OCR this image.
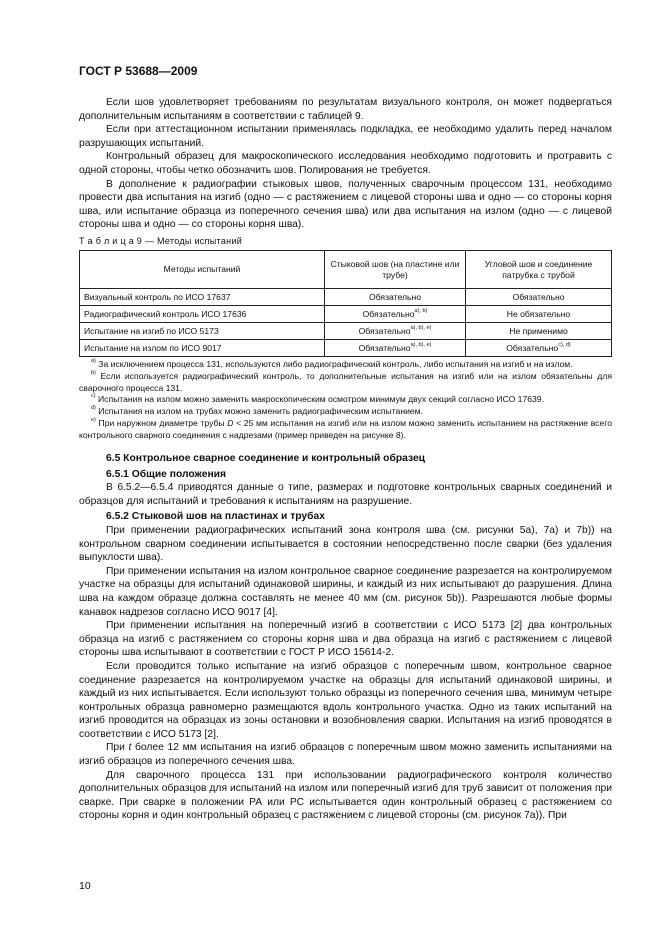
ГОСТ Р 53688—2009

Если шов удовлетворяет требованиям по результатам визуального контроля, он может подвергаться дополнительным испытаниям в соответствии с таблицей 9.

Если при аттестационном испытании применялась подкладка, ее необходимо удалить перед началом разрушающих испытаний.

Контрольный образец для макроскопического исследования необходимо подготовить и протравить с одной стороны, чтобы четко обозначить шов. Полирования не требуется.

В дополнение к радиографии стыковых швов, полученных сварочным процессом 131, необходимо провести два испытания на изгиб (одно — с растяжением с лицевой стороны шва и одно — со стороны корня шва, или испытание образца из поперечного сечения шва) или два испытания на излом (одно — с лицевой стороны шва и одно — со стороны корня шва).

Т а б л и ц а 9 — Методы испытаний
Методы испытаний	Стыковой шов (на пластине или трубе)	Угловой шов и соединение патрубка с трубой
Визуальный контроль по ИСО 17637	Обязательно	Обязательно
Радиографический контроль ИСО 17636	Обязательно$^{a), b)}$	Не обязательно
Испытание на изгиб по ИСО 5173	Обязательно$^{a), b), e)}$	Не применимо
Испытание на излом по ИСО 9017	Обязательно$^{a), b), e)}$	Обязательно$^{c), d)}$

$^{a)}$ За исключением процесса 131, используются либо радиографический контроль, либо испытания на изгиб и на излом.

$^{b)}$ Если используется радиографический контроль, то дополнительные испытания на изгиб или на излом обязательны для сварочного процесса 131.

$^{c)}$ Испытания на излом можно заменить макроскопическим осмотром минимум двух секций согласно ИСО 17639.

$^{d)}$ Испытания на излом на трубах можно заменить радиографическим испытанием.

$^{e)}$ При наружном диаметре трубы D < 25 мм испытания на изгиб или на излом можно заменить испытанием на растяжение всего контрольного сварного соединения с надрезами (пример приведен на рисунке 8).

6.5 Контрольное сварное соединение и контрольный образец

6.5.1 Общие положения

В 6.5.2—6.5.4 приводятся данные о типе, размерах и подготовке контрольных сварных соединений и образцов для испытаний и требования к испытаниям на разрушение.

6.5.2 Стыковой шов на пластинах и трубах

При применении радиографических испытаний зона контроля шва (см. рисунки 5а), 7а) и 7b)) на контрольном сварном соединении испытывается в состоянии непосредственно после сварки (без удаления выпуклости шва).

При применении испытания на излом контрольное сварное соединение разрезается на контролируемом участке на образцы для испытаний одинаковой ширины, и каждый из них испытывают до разрушения. Длина шва на каждом образце должна составлять не менее 40 мм (см. рисунок 5b)). Разрешаются любые формы канавок надрезов согласно ИСО 9017 [4].

При применении испытания на поперечный изгиб в соответствии с ИСО 5173 [2] два контрольных образца на изгиб с растяжением со стороны корня шва и два образца на изгиб с растяжением с лицевой стороны шва испытывают в соответствии с ГОСТ Р ИСО 15614-2.

Если проводится только испытание на изгиб образцов с поперечным швом, контрольное сварное соединение разрезается на контролируемом участке на образцы для испытаний одинаковой ширины, и каждый из них испытывается. Если используют только образцы из поперечного сечения шва, минимум четыре контрольных образца равномерно размещаются вдоль контрольного участка. Одно из таких испытаний на изгиб проводится на образцах из зоны остановки и возобновления сварки. Испытания на изгиб проводятся в соответствии с ИСО 5173 [2].

При t более 12 мм испытания на изгиб образцов с поперечным швом можно заменить испытаниями на изгиб образцов из поперечного сечения шва.

Для сварочного процесса 131 при использовании радиографического контроля количество дополнительных образцов для испытаний на излом или поперечный изгиб для труб зависит от положения при сварке. При сварке в положении РА или РС испытывается один контрольный образец с растяжением со стороны корня и один контрольный образец с растяжением с лицевой стороны (см. рисунок 7а)). При

10
